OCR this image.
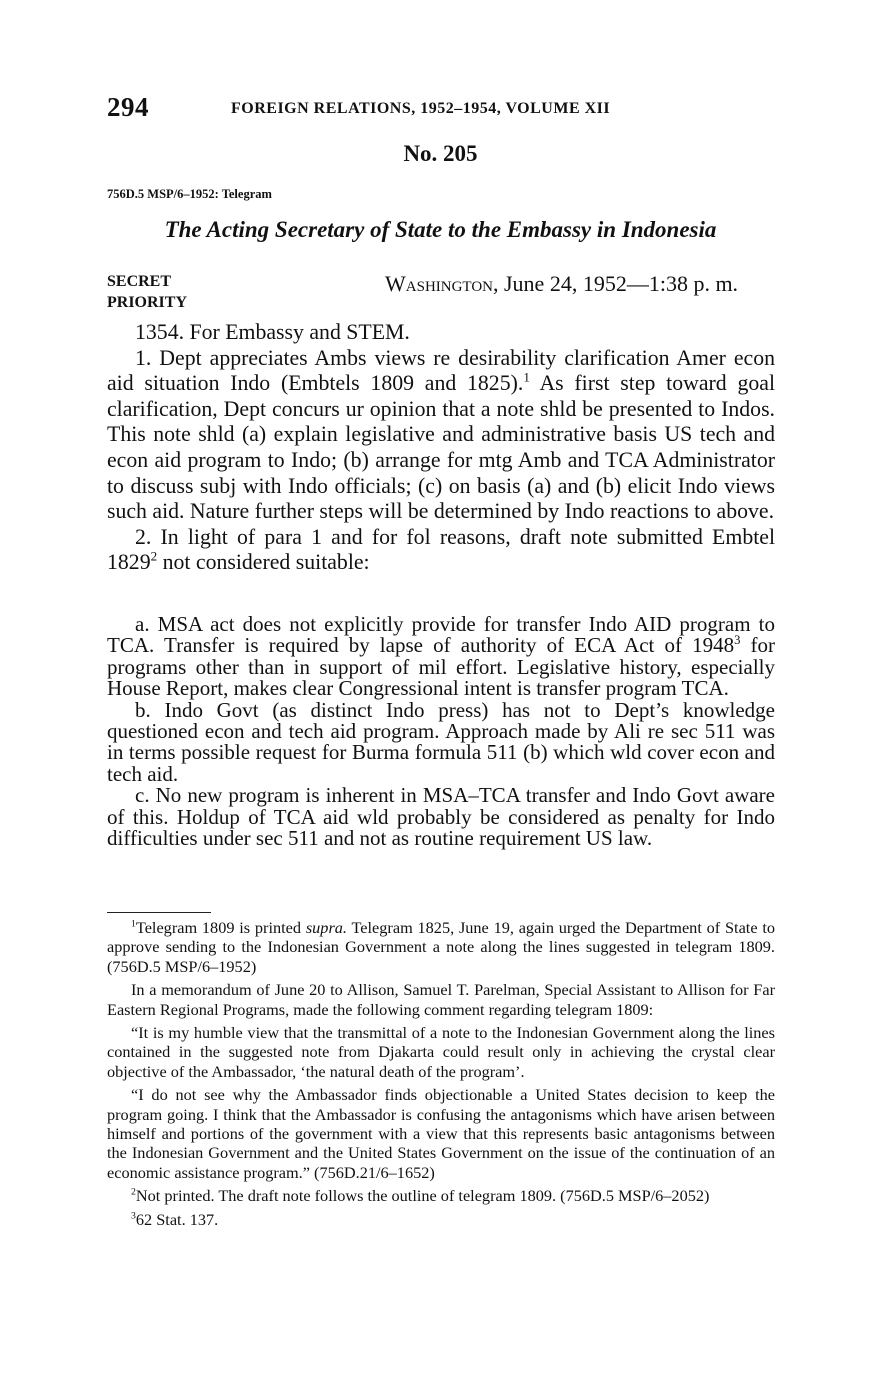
294	FOREIGN RELATIONS, 1952–1954, VOLUME XII
No. 205
756D.5 MSP/6–1952: Telegram
The Acting Secretary of State to the Embassy in Indonesia
SECRET
PRIORITY
Washington, June 24, 1952—1:38 p. m.

1354. For Embassy and STEM.

1. Dept appreciates Ambs views re desirability clarification Amer econ aid situation Indo (Embtels 1809 and 1825).$^1$ As first step toward goal clarification, Dept concurs ur opinion that a note shld be presented to Indos. This note shld (a) explain legislative and administrative basis US tech and econ aid program to Indo; (b) arrange for mtg Amb and TCA Administrator to discuss subj with Indo officials; (c) on basis (a) and (b) elicit Indo views such aid. Nature further steps will be determined by Indo reactions to above.

2. In light of para 1 and for fol reasons, draft note submitted Embtel 1829$^2$ not considered suitable:

a. MSA act does not explicitly provide for transfer Indo AID program to TCA. Transfer is required by lapse of authority of ECA Act of 1948$^3$ for programs other than in support of mil effort. Legislative history, especially House Report, makes clear Congressional intent is transfer program TCA.

b. Indo Govt (as distinct Indo press) has not to Dept’s knowledge questioned econ and tech aid program. Approach made by Ali re sec 511 was in terms possible request for Burma formula 511 (b) which wld cover econ and tech aid.

c. No new program is inherent in MSA–TCA transfer and Indo Govt aware of this. Holdup of TCA aid wld probably be considered as penalty for Indo difficulties under sec 511 and not as routine requirement US law.

$^1$Telegram 1809 is printed supra. Telegram 1825, June 19, again urged the Department of State to approve sending to the Indonesian Government a note along the lines suggested in telegram 1809. (756D.5 MSP/6–1952)

In a memorandum of June 20 to Allison, Samuel T. Parelman, Special Assistant to Allison for Far Eastern Regional Programs, made the following comment regarding telegram 1809:

“It is my humble view that the transmittal of a note to the Indonesian Government along the lines contained in the suggested note from Djakarta could result only in achieving the crystal clear objective of the Ambassador, ‘the natural death of the program’.

“I do not see why the Ambassador finds objectionable a United States decision to keep the program going. I think that the Ambassador is confusing the antagonisms which have arisen between himself and portions of the government with a view that this represents basic antagonisms between the Indonesian Government and the United States Government on the issue of the continuation of an economic assistance program.” (756D.21/6–1652)

$^2$Not printed. The draft note follows the outline of telegram 1809. (756D.5 MSP/6–2052)

$^3$62 Stat. 137.
